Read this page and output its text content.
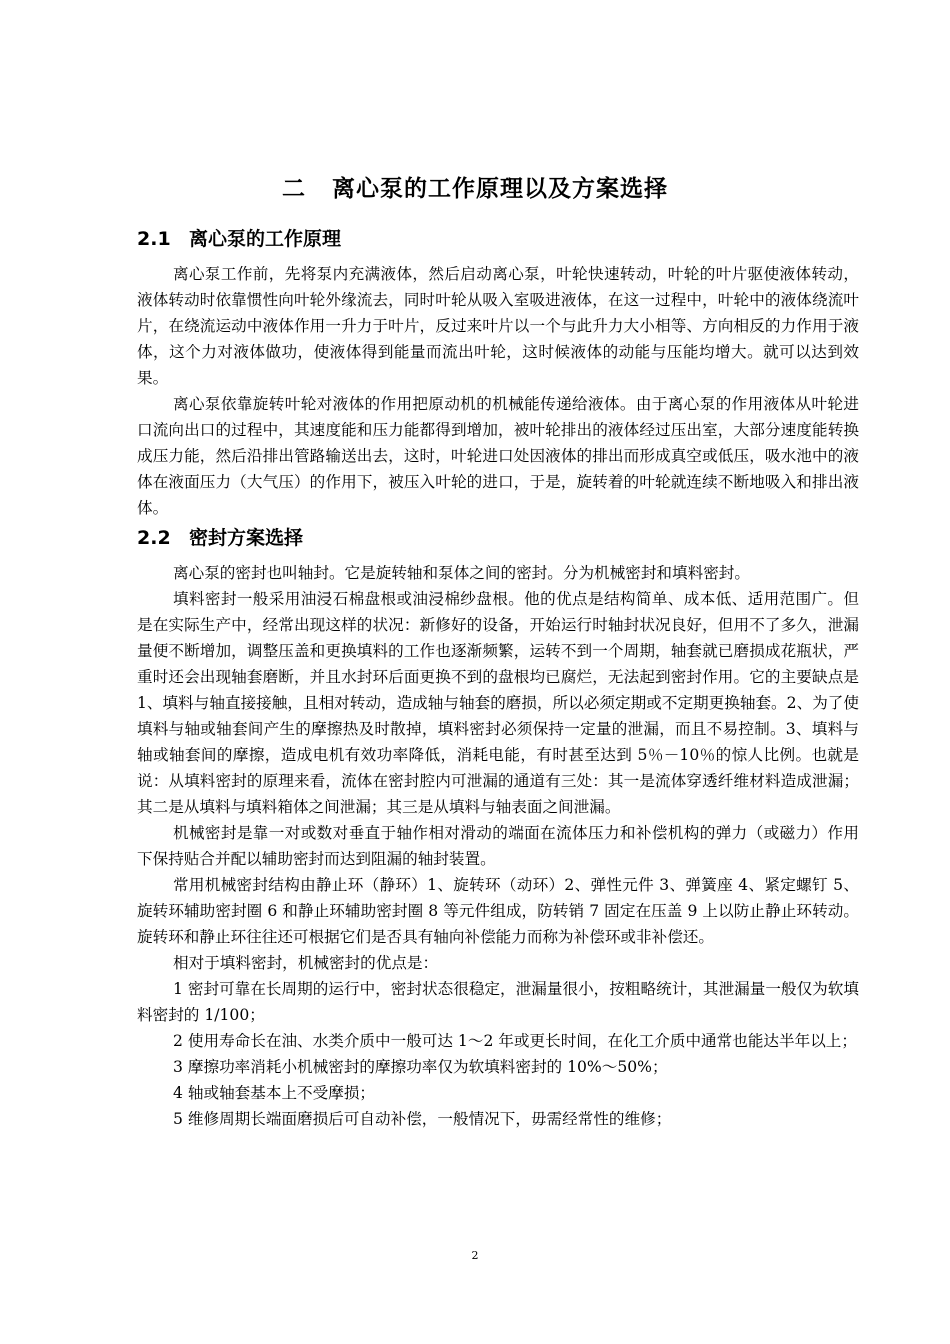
二 离心泵的工作原理以及方案选择
2.1 离心泵的工作原理

离心泵工作前，先将泵内充满液体，然后启动离心泵，叶轮快速转动，叶轮的叶片驱使液体转动，液体转动时依靠惯性向叶轮外缘流去，同时叶轮从吸入室吸进液体，在这一过程中，叶轮中的液体绕流叶片，在绕流运动中液体作用一升力于叶片，反过来叶片以一个与此升力大小相等、方向相反的力作用于液体，这个力对液体做功，使液体得到能量而流出叶轮，这时候液体的动能与压能均增大。就可以达到效果。

离心泵依靠旋转叶轮对液体的作用把原动机的机械能传递给液体。由于离心泵的作用液体从叶轮进口流向出口的过程中，其速度能和压力能都得到增加，被叶轮排出的液体经过压出室，大部分速度能转换成压力能，然后沿排出管路输送出去，这时，叶轮进口处因液体的排出而形成真空或低压，吸水池中的液体在液面压力（大气压）的作用下，被压入叶轮的进口，于是，旋转着的叶轮就连续不断地吸入和排出液体。

2.2 密封方案选择

离心泵的密封也叫轴封。它是旋转轴和泵体之间的密封。分为机械密封和填料密封。

填料密封一般采用油浸石棉盘根或油浸棉纱盘根。他的优点是结构简单、成本低、适用范围广。但是在实际生产中，经常出现这样的状况：新修好的设备，开始运行时轴封状况良好，但用不了多久，泄漏量便不断增加，调整压盖和更换填料的工作也逐渐频繁，运转不到一个周期，轴套就已磨损成花瓶状，严重时还会出现轴套磨断，并且水封环后面更换不到的盘根均已腐烂，无法起到密封作用。它的主要缺点是 1、填料与轴直接接触，且相对转动，造成轴与轴套的磨损，所以必须定期或不定期更换轴套。2、为了使填料与轴或轴套间产生的摩擦热及时散掉，填料密封必须保持一定量的泄漏，而且不易控制。3、填料与轴或轴套间的摩擦，造成电机有效功率降低，消耗电能，有时甚至达到 5％－10％的惊人比例。也就是说：从填料密封的原理来看，流体在密封腔内可泄漏的通道有三处：其一是流体穿透纤维材料造成泄漏；其二是从填料与填料箱体之间泄漏；其三是从填料与轴表面之间泄漏。

机械密封是靠一对或数对垂直于轴作相对滑动的端面在流体压力和补偿机构的弹力（或磁力）作用下保持贴合并配以辅助密封而达到阻漏的轴封装置。

常用机械密封结构由静止环（静环）1、旋转环（动环）2、弹性元件 3、弹簧座 4、紧定螺钉 5、旋转环辅助密封圈 6 和静止环辅助密封圈 8 等元件组成，防转销 7 固定在压盖 9 上以防止静止环转动。旋转环和静止环往往还可根据它们是否具有轴向补偿能力而称为补偿环或非补偿还。

相对于填料密封，机械密封的优点是：

1 密封可靠在长周期的运行中，密封状态很稳定，泄漏量很小，按粗略统计，其泄漏量一般仅为软填料密封的 1/100；

2 使用寿命长在油、水类介质中一般可达 1～2 年或更长时间，在化工介质中通常也能达半年以上；

3 摩擦功率消耗小机械密封的摩擦功率仅为软填料密封的 10%～50%；

4 轴或轴套基本上不受摩损；

5 维修周期长端面磨损后可自动补偿，一般情况下，毋需经常性的维修；

2
